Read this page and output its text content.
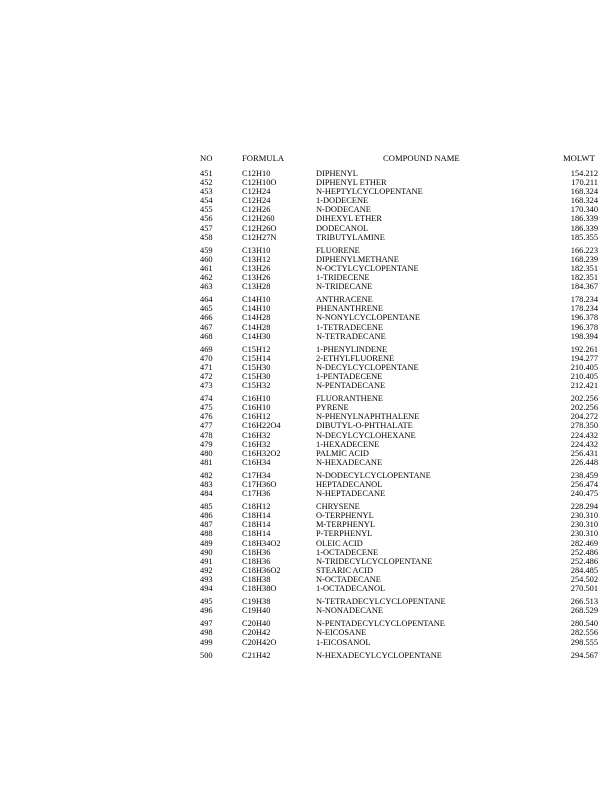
NO	FORMULA	COMPOUND NAME	MOLWT
451	C12H10	DIPHENYL	154.212
452	C12H10O	DIPHENYL ETHER	170.211
453	C12H24	N-HEPTYLCYCLOPENTANE	168.324
454	C12H24	1-DODECENE	168.324
455	C12H26	N-DODECANE	170.340
456	C12H260	DIHEXYL ETHER	186.339
457	C12H26O	DODECANOL	186.339
458	C12H27N	TRIBUTYLAMINE	185.355
459	C13H10	FLUORENE	166.223
460	C13H12	DIPHENYLMETHANE	168.239
461	C13H26	N-OCTYLCYCLOPENTANE	182.351
462	C13H26	1-TRIDECENE	182.351
463	C13H28	N-TRIDECANE	184.367
464	C14H10	ANTHRACENE	178.234
465	C14H10	PHENANTHRENE	178.234
466	C14H28	N-NONYLCYCLOPENTANE	196.378
467	C14H28	1-TETRADECENE	196.378
468	C14H30	N-TETRADECANE	198.394
469	C15H12	1-PHENYLINDENE	192.261
470	C15H14	2-ETHYLFLUORENE	194.277
471	C15H30	N-DECYLCYCLOPENTANE	210.405
472	C15H30	1-PENTADECENE	210.405
473	C15H32	N-PENTADECANE	212.421
474	C16H10	FLUORANTHENE	202.256
475	C16H10	PYRENE	202.256
476	C16H12	N-PHENYLNAPHTHALENE	204.272
477	C16H22O4	DIBUTYL-O-PHTHALATE	278.350
478	C16H32	N-DECYLCYCLOHEXANE	224.432
479	C16H32	1-HEXADECENE	224.432
480	C16H32O2	PALMIC ACID	256.431
481	C16H34	N-HEXADECANE	226.448
482	C17H34	N-DODECYLCYCLOPENTANE	238.459
483	C17H36O	HEPTADECANOL	256.474
484	C17H36	N-HEPTADECANE	240.475
485	C18H12	CHRYSENE	228.294
486	C18H14	O-TERPHENYL	230.310
487	C18H14	M-TERPHENYL	230.310
488	C18H14	P-TERPHENYL	230.310
489	C18H34O2	OLEIC ACID	282.469
490	C18H36	1-OCTADECENE	252.486
491	C18H36	N-TRIDECYLCYCLOPENTANE	252.486
492	C18H36O2	STEARIC ACID	284.485
493	C18H38	N-OCTADECANE	254.502
494	C18H38O	1-OCTADECANOL	270.501
495	C19H38	N-TETRADECYLCYCLOPENTANE	266.513
496	C19H40	N-NONADECANE	268.529
497	C20H40	N-PENTADECYLCYCLOPENTANE	280.540
498	C20H42	N-EICOSANE	282.556
499	C20H42O	1-EICOSANOL	298.555
500	C21H42	N-HEXADECYLCYCLOPENTANE	294.567
